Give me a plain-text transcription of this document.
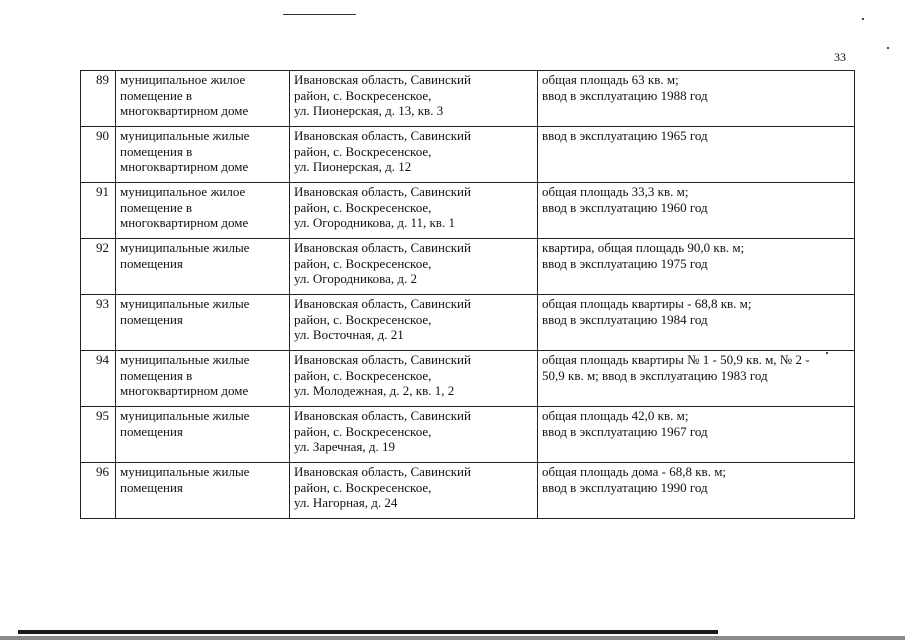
33
89	муниципальное жилое
помещение в
многоквартирном доме	Ивановская область, Савинский
район, с. Воскресенское,
ул. Пионерская, д. 13, кв. 3	общая площадь 63 кв. м;
ввод в эксплуатацию 1988 год

90	муниципальные жилые
помещения в
многоквартирном доме	Ивановская область, Савинский
район, с. Воскресенское,
ул. Пионерская, д. 12	ввод в эксплуатацию 1965 год

91	муниципальное жилое
помещение в
многоквартирном доме	Ивановская область, Савинский
район, с. Воскресенское,
ул. Огородникова, д. 11, кв. 1	общая площадь 33,3 кв. м;
ввод в эксплуатацию 1960 год

92	муниципальные жилые
помещения	Ивановская область, Савинский
район, с. Воскресенское,
ул. Огородникова, д. 2	квартира, общая площадь 90,0 кв. м;
ввод в эксплуатацию 1975 год

93	муниципальные жилые
помещения	Ивановская область, Савинский
район, с. Воскресенское,
ул. Восточная, д. 21	общая площадь квартиры - 68,8 кв. м;
ввод в эксплуатацию 1984 год

94	муниципальные жилые
помещения в
многоквартирном доме	Ивановская область, Савинский
район, с. Воскресенское,
ул. Молодежная, д. 2, кв. 1, 2	общая площадь квартиры № 1 - 50,9 кв. м, № 2 -
50,9 кв. м; ввод в эксплуатацию 1983 год

95	муниципальные жилые
помещения	Ивановская область, Савинский
район, с. Воскресенское,
ул. Заречная, д. 19	общая площадь 42,0 кв. м;
ввод в эксплуатацию 1967 год

96	муниципальные жилые
помещения	Ивановская область, Савинский
район, с. Воскресенское,
ул. Нагорная, д. 24	общая площадь дома - 68,8 кв. м;
ввод в эксплуатацию 1990 год
